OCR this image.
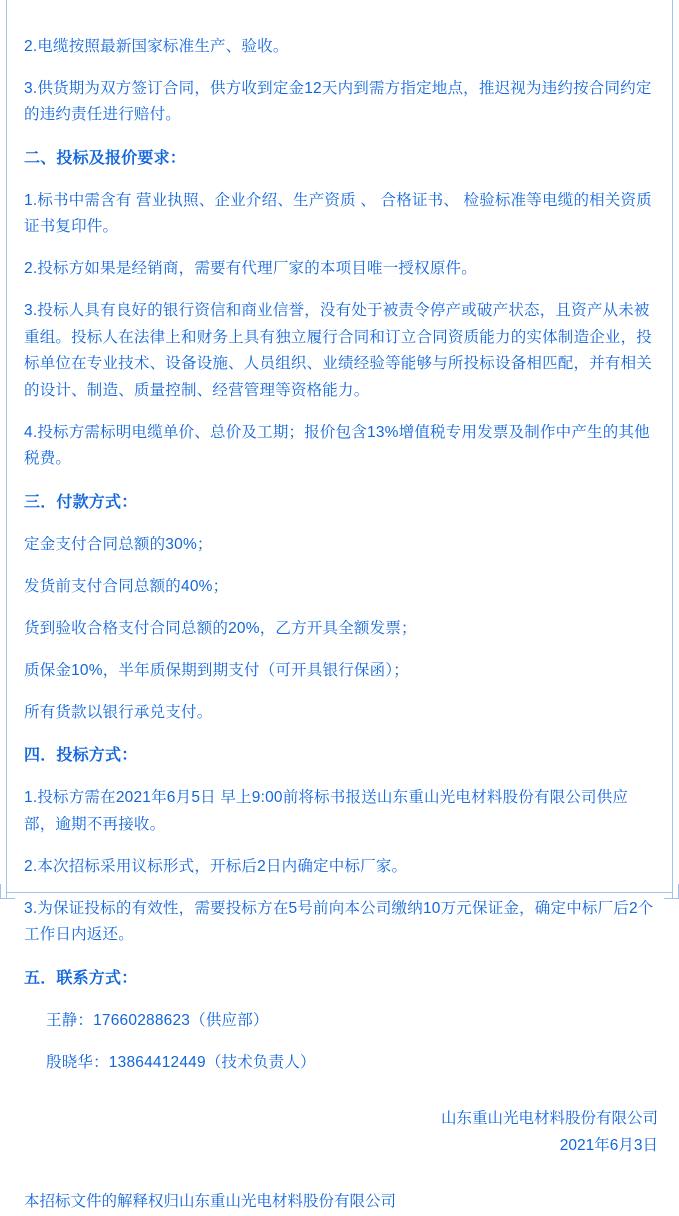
2.电缆按照最新国家标准生产、验收。

3.供货期为双方签订合同，供方收到定金12天内到需方指定地点，推迟视为违约按合同约定的违约责任进行赔付。

二、投标及报价要求：

1.标书中需含有 营业执照、企业介绍、生产资质 、 合格证书、 检验标准等电缆的相关资质证书复印件。

2.投标方如果是经销商，需要有代理厂家的本项目唯一授权原件。

3.投标人具有良好的银行资信和商业信誉，没有处于被责令停产或破产状态，且资产从未被重组。投标人在法律上和财务上具有独立履行合同和订立合同资质能力的实体制造企业，投标单位在专业技术、设备设施、人员组织、业绩经验等能够与所投标设备相匹配，并有相关的设计、制造、质量控制、经营管理等资格能力。

4.投标方需标明电缆单价、总价及工期；报价包含13%增值税专用发票及制作中产生的其他税费。

三．付款方式：

定金支付合同总额的30%；

发货前支付合同总额的40%；

货到验收合格支付合同总额的20%，乙方开具全额发票；

质保金10%，半年质保期到期支付（可开具银行保函）；

所有货款以银行承兑支付。

四．投标方式：

1.投标方需在2021年6月5日 早上9:00前将标书报送山东重山光电材料股份有限公司供应部，逾期不再接收。

2.本次招标采用议标形式，开标后2日内确定中标厂家。

3.为保证投标的有效性，需要投标方在5号前向本公司缴纳10万元保证金，确定中标厂后2个工作日内返还。

五．联系方式：

王静：17660288623（供应部）

殷晓华：13864412449（技术负责人）

山东重山光电材料股份有限公司
2021年6月3日
本招标文件的解释权归山东重山光电材料股份有限公司
